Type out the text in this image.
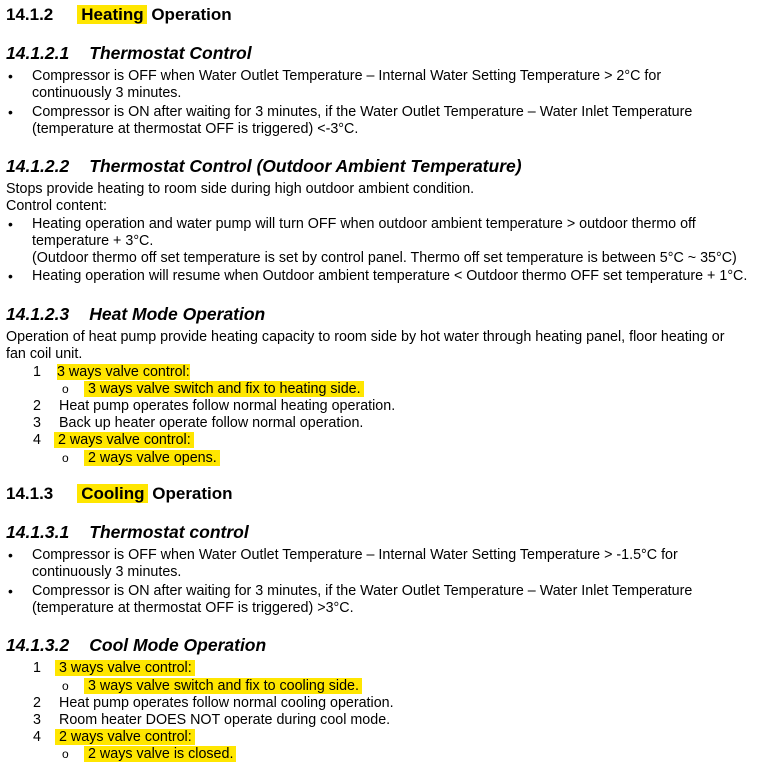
14.1.2 Heating Operation
14.1.2.1 Thermostat Control
• Compressor is OFF when Water Outlet Temperature – Internal Water Setting Temperature > 2°C for
continuously 3 minutes.
• Compressor is ON after waiting for 3 minutes, if the Water Outlet Temperature – Water Inlet Temperature
(temperature at thermostat OFF is triggered) <-3°C.
14.1.2.2 Thermostat Control (Outdoor Ambient Temperature)
Stops provide heating to room side during high outdoor ambient condition.
Control content:
• Heating operation and water pump will turn OFF when outdoor ambient temperature > outdoor thermo off
temperature + 3°C.
(Outdoor thermo off set temperature is set by control panel. Thermo off set temperature is between 5°C ~ 35°C)
• Heating operation will resume when Outdoor ambient temperature < Outdoor thermo OFF set temperature + 1°C.
14.1.2.3 Heat Mode Operation
Operation of heat pump provide heating capacity to room side by hot water through heating panel, floor heating or
fan coil unit.
1 3 ways valve control:
o 3 ways valve switch and fix to heating side.
2 Heat pump operates follow normal heating operation.
3 Back up heater operate follow normal operation.
4 2 ways valve control:
o 2 ways valve opens.
14.1.3 Cooling Operation
14.1.3.1 Thermostat control
• Compressor is OFF when Water Outlet Temperature – Internal Water Setting Temperature > -1.5°C for
continuously 3 minutes.
• Compressor is ON after waiting for 3 minutes, if the Water Outlet Temperature – Water Inlet Temperature
(temperature at thermostat OFF is triggered) >3°C.
14.1.3.2 Cool Mode Operation
1 3 ways valve control:
o 3 ways valve switch and fix to cooling side.
2 Heat pump operates follow normal cooling operation.
3 Room heater DOES NOT operate during cool mode.
4 2 ways valve control:
o 2 ways valve is closed.
